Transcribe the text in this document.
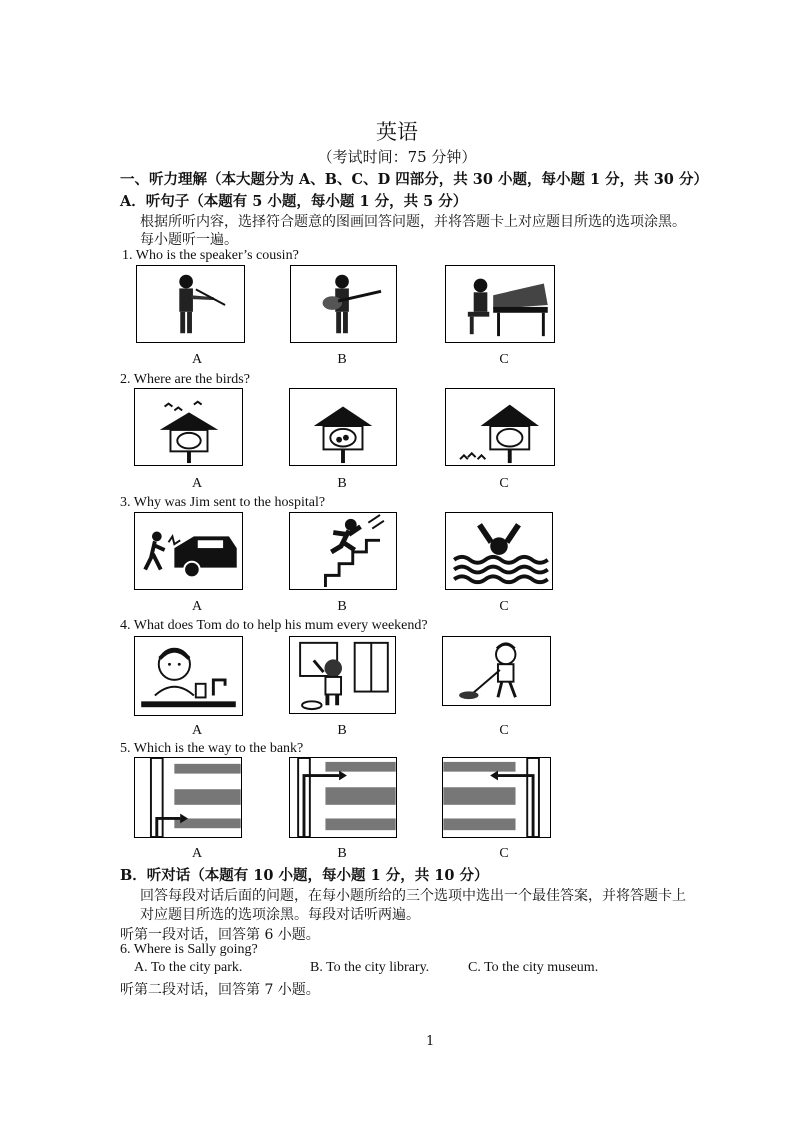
英语
（考试时间：75 分钟）
一、听力理解（本大题分为 A、B、C、D 四部分，共 30 小题，每小题 1 分，共 30 分）
A．听句子（本题有 5 小题，每小题 1 分，共 5 分）
根据所听内容，选择符合题意的图画回答问题，并将答题卡上对应题目所选的选项涂黑。
每小题听一遍。
1. Who is the speaker’s cousin?
A	B	C
2. Where are the birds?
A	B	C
3. Why was Jim sent to the hospital?
A	B	C
4. What does Tom do to help his mum every weekend?
A	B	C
5. Which is the way to the bank?
A	B	C
B．听对话（本题有 10 小题，每小题 1 分，共 10 分）
回答每段对话后面的问题，在每小题所给的三个选项中选出一个最佳答案，并将答题卡上
对应题目所选的选项涂黑。每段对话听两遍。
听第一段对话，回答第 6 小题。
6. Where is Sally going?
A. To the city park.	B. To the city library.	C. To the city museum.
听第二段对话，回答第 7 小题。
1
